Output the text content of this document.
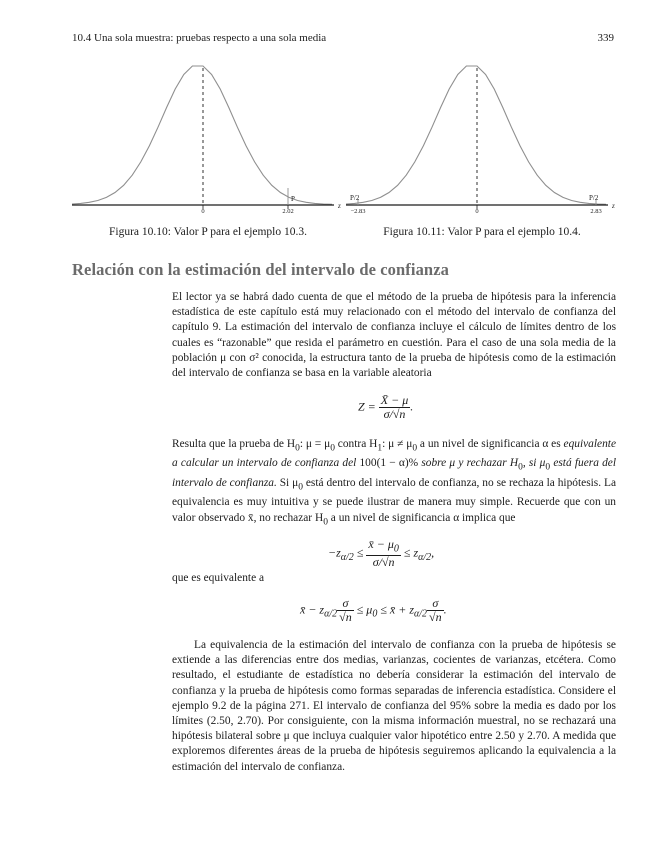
10.4 Una sola muestra: pruebas respecto a una sola media	339
P
0	2.02
z
Figura 10.10: Valor P para el ejemplo 10.3.
P/2	P/2
−2.83	0	2.83
z
Figura 10.11: Valor P para el ejemplo 10.4.
Relación con la estimación del intervalo de confianza

El lector ya se habrá dado cuenta de que el método de la prueba de hipótesis para la inferencia estadística de este capítulo está muy relacionado con el método del intervalo de confianza del capítulo 9. La estimación del intervalo de confianza incluye el cálculo de límites dentro de los cuales es “razonable” que resida el parámetro en cuestión. Para el caso de una sola media de la población μ con σ² conocida, la estructura tanto de la prueba de hipótesis como de la estimación del intervalo de confianza se basa en la variable aleatoria

$Z = \frac{X̄ - \mu}{\sigma/√n}$ .

Resulta que la prueba de $H_0$: $\mu = \mu_0$ contra $H_1$: $\mu \ne \mu_0$ a un nivel de significancia α es equivalente a calcular un intervalo de confianza del 100(1 − α)% sobre μ y rechazar $H_0$, si $\mu_0$ está fuera del intervalo de confianza. Si $\mu_0$ está dentro del intervalo de confianza, no se rechaza la hipótesis. La equivalencia es muy intuitiva y se puede ilustrar de manera muy simple. Recuerde que con un valor observado x̄, no rechazar $H_0$ a un nivel de significancia α implica que

$-z_{\alpha/2} \le \frac{x̄ - \mu_0}{\sigma/√n} \le z_{\alpha/2}$,

que es equivalente a

x̄ − $z_{\alpha/2} \frac{\sigma}{√n} \le \mu_0$ ≤ x̄ + $z_{\alpha/2} \frac{\sigma}{√n}$ .

La equivalencia de la estimación del intervalo de confianza con la prueba de hipótesis se extiende a las diferencias entre dos medias, varianzas, cocientes de varianzas, etcétera. Como resultado, el estudiante de estadística no debería considerar la estimación del intervalo de confianza y la prueba de hipótesis como formas separadas de inferencia estadística. Considere el ejemplo 9.2 de la página 271. El intervalo de confianza del 95% sobre la media es dado por los límites (2.50, 2.70). Por consiguiente, con la misma información muestral, no se rechazará una hipótesis bilateral sobre μ que incluya cualquier valor hipotético entre 2.50 y 2.70. A medida que exploremos diferentes áreas de la prueba de hipótesis seguiremos aplicando la equivalencia a la estimación del intervalo de confianza.
